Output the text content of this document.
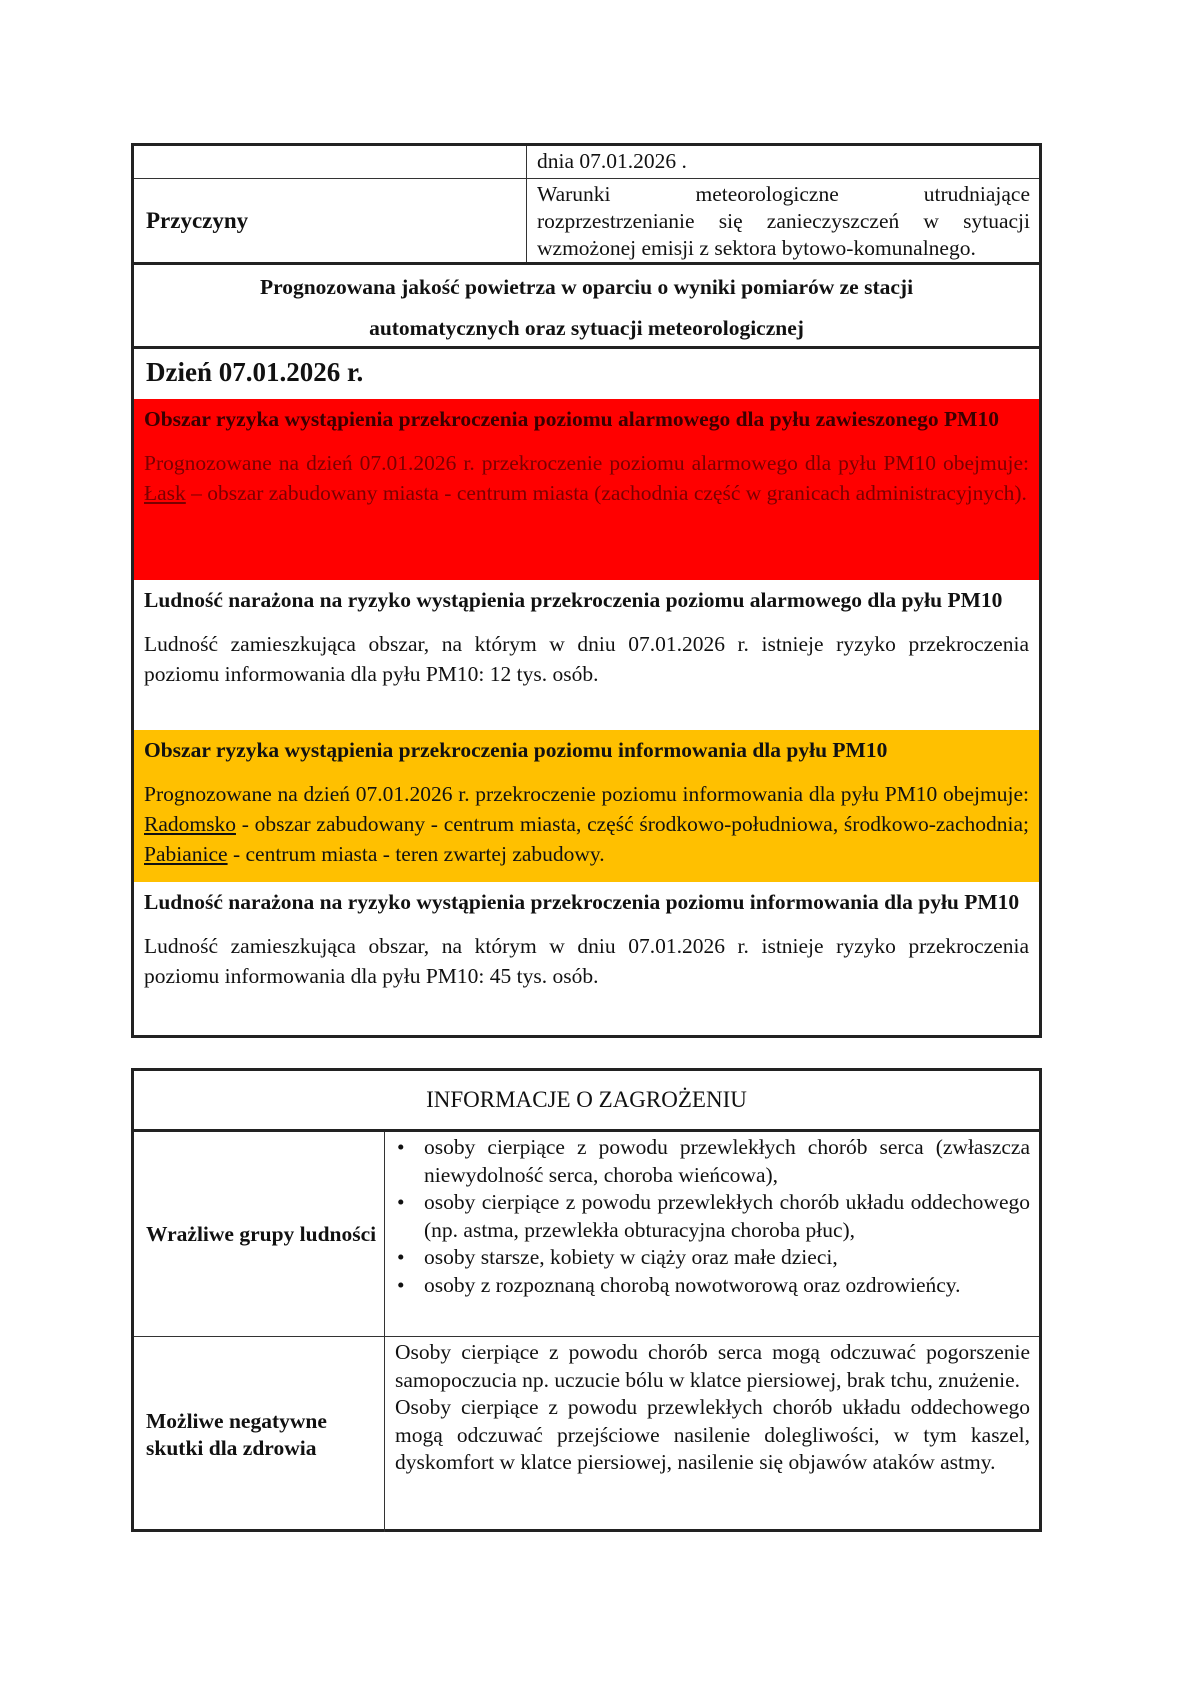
dnia 07.01.2026 .
Przyczyny
Warunki meteorologiczne utrudniające
rozprzestrzenianie się zanieczyszczeń w sytuacji wzmożonej emisji z sektora bytowo-komunalnego.
Prognozowana jakość powietrza w oparciu o wyniki pomiarów ze stacji
automatycznych oraz sytuacji meteorologicznej
Dzień 07.01.2026 r.
Obszar ryzyka wystąpienia przekroczenia poziomu alarmowego dla pyłu zawieszonego PM10
Prognozowane na dzień 07.01.2026 r. przekroczenie poziomu alarmowego dla pyłu PM10 obejmuje: Łask – obszar zabudowany miasta - centrum miasta (zachodnia część w granicach administracyjnych).
Ludność narażona na ryzyko wystąpienia przekroczenia poziomu alarmowego dla pyłu PM10
Ludność zamieszkująca obszar, na którym w dniu 07.01.2026 r. istnieje ryzyko przekroczenia poziomu informowania dla pyłu PM10: 12 tys. osób.
Obszar ryzyka wystąpienia przekroczenia poziomu informowania dla pyłu PM10
Prognozowane na dzień 07.01.2026 r. przekroczenie poziomu informowania dla pyłu PM10 obejmuje: Radomsko - obszar zabudowany - centrum miasta, część środkowo-południowa, środkowo-zachodnia; Pabianice - centrum miasta - teren zwartej zabudowy.
Ludność narażona na ryzyko wystąpienia przekroczenia poziomu informowania dla pyłu PM10
Ludność zamieszkująca obszar, na którym w dniu 07.01.2026 r. istnieje ryzyko przekroczenia poziomu informowania dla pyłu PM10: 45 tys. osób.
INFORMACJE O ZAGROŻENIU
Wrażliwe grupy ludności
• osoby cierpiące z powodu przewlekłych chorób serca (zwłaszcza niewydolność serca, choroba wieńcowa),
• osoby cierpiące z powodu przewlekłych chorób układu oddechowego (np. astma, przewlekła obturacyjna choroba płuc),
• osoby starsze, kobiety w ciąży oraz małe dzieci,
• osoby z rozpoznaną chorobą nowotworową oraz ozdrowieńcy.
Możliwe negatywne skutki dla zdrowia
Osoby cierpiące z powodu chorób serca mogą odczuwać pogorszenie samopoczucia np. uczucie bólu w klatce piersiowej, brak tchu, znużenie.
Osoby cierpiące z powodu przewlekłych chorób układu oddechowego mogą odczuwać przejściowe nasilenie dolegliwości, w tym kaszel, dyskomfort w klatce piersiowej, nasilenie się objawów ataków astmy.
